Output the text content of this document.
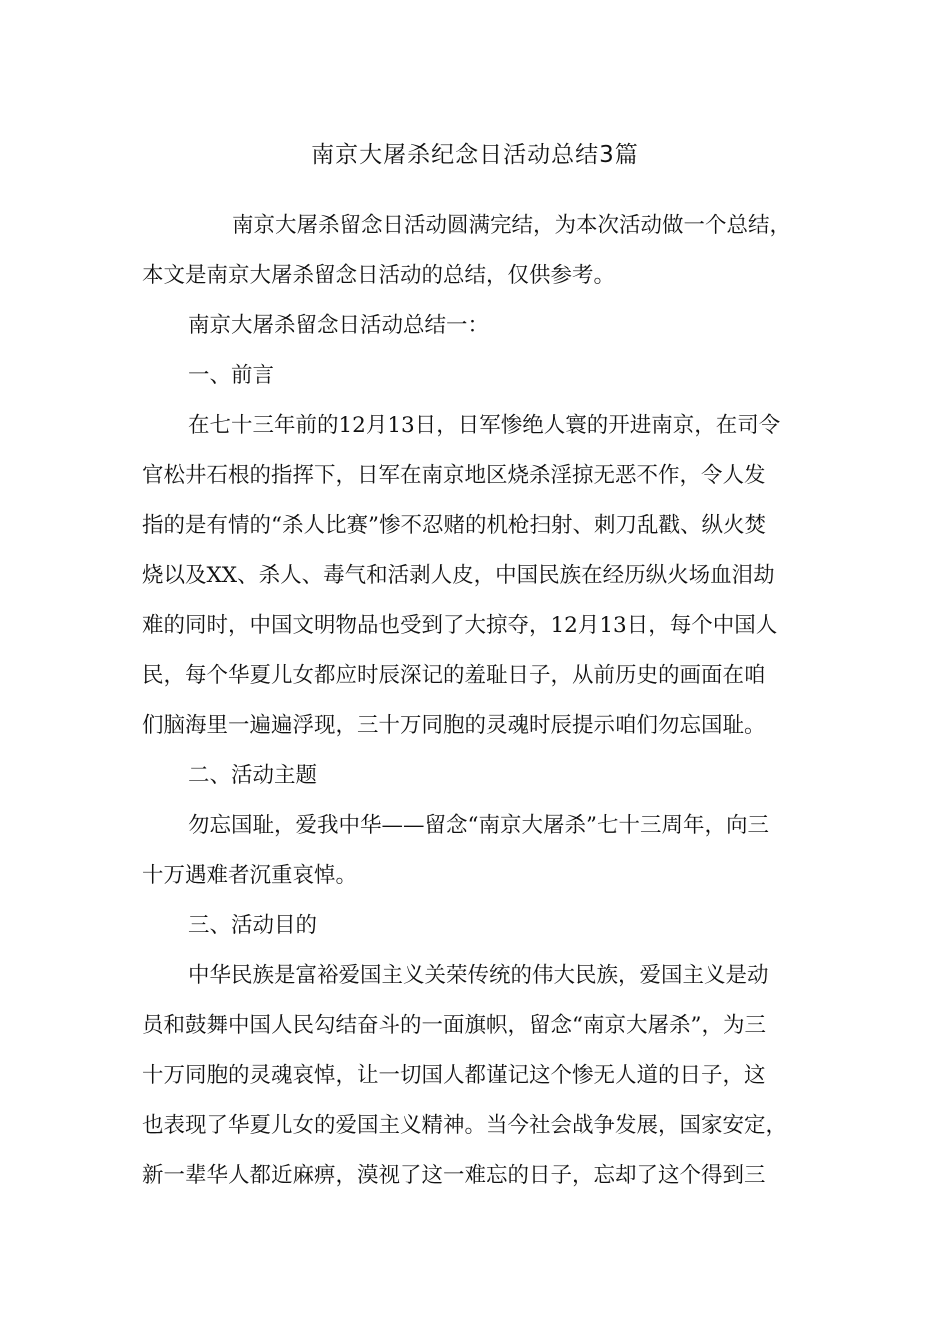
南京大屠杀纪念日活动总结3篇
南京大屠杀留念日活动圆满完结，为本次活动做一个总结，
本文是南京大屠杀留念日活动的总结，仅供参考。
南京大屠杀留念日活动总结一：
一、前言
在七十三年前的12月13日，日军惨绝人寰的开进南京，在司令
官松井石根的指挥下，日军在南京地区烧杀淫掠无恶不作，令人发
指的是有情的“杀人比赛”惨不忍赌的机枪扫射、刺刀乱戳、纵火焚
烧以及XX、杀人、毒气和活剥人皮，中国民族在经历纵火场血泪劫
难的同时，中国文明物品也受到了大掠夺，12月13日，每个中国人
民，每个华夏儿女都应时辰深记的羞耻日子，从前历史的画面在咱
们脑海里一遍遍浮现，三十万同胞的灵魂时辰提示咱们勿忘国耻。
二、活动主题
勿忘国耻，爱我中华——留念“南京大屠杀”七十三周年，向三
十万遇难者沉重哀悼。
三、活动目的
中华民族是富裕爱国主义关荣传统的伟大民族，爱国主义是动
员和鼓舞中国人民勾结奋斗的一面旗帜，留念“南京大屠杀”，为三
十万同胞的灵魂哀悼，让一切国人都谨记这个惨无人道的日子，这
也表现了华夏儿女的爱国主义精神。当今社会战争发展，国家安定，
新一辈华人都近麻痹，漠视了这一难忘的日子，忘却了这个得到三
